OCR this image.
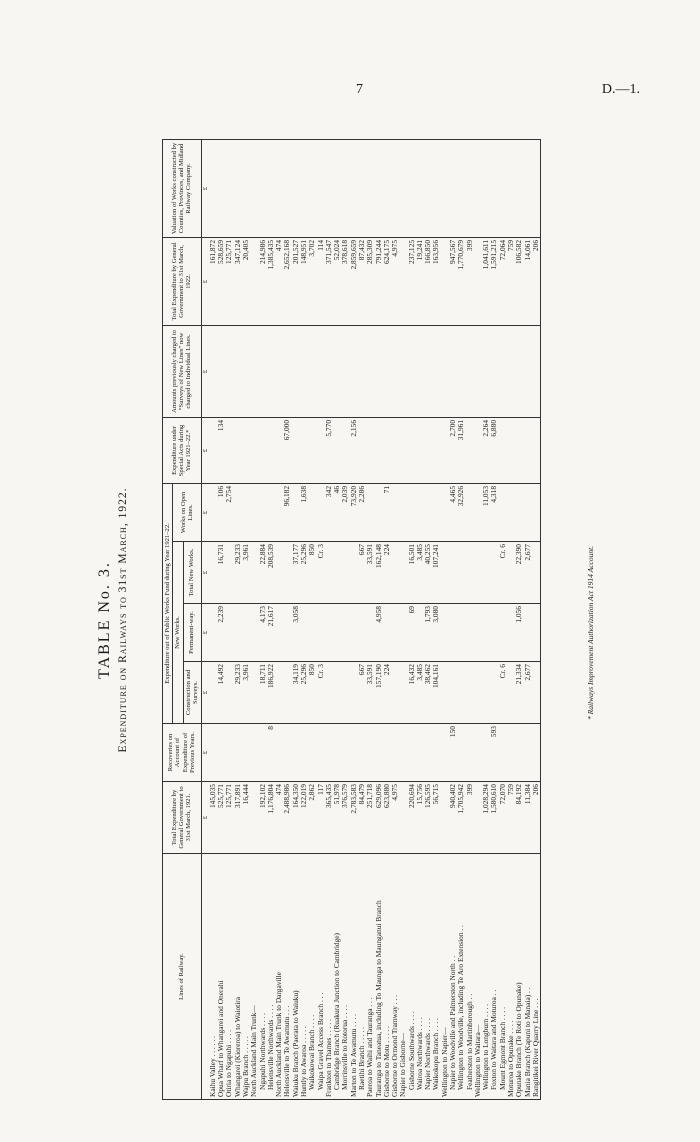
7	D.—1.
TABLE No. 3. Expenditure on Railways to 31st March, 1922.
Lines of Railway.	Total Expenditure by General Government to 31st March, 1921.	Recoveries on Account of Expenditure of Previous Years.	Expenditure out of Public Works Fund during Year 1921–22.				Expenditure under Special Acts during Year 1921–22.*	Amounts previously charged to “Surveys of New Lines” now charged to Individual Lines.	Total Expenditure by General Government to 31st March, 1922.	Valuation of Works constructed by Counties, Provinces, and Midland Railway Company.
			New Works.			Works on Open Lines.				
			Construction and Surveys.	Permanent-way.	Total New Works.					
	£	£	£	£	£	£	£	£	£	£
Kaihu Valley . . . . . .	145,035								161,872	
Opua Wharf to Whangarei and Onerahi	525,771		14,492	2,239	16,731	106	134		528,659	
Otiria to Ngapuhi . . . .	125,771					2,754			125,771	
Whangarei (Kioreroa) to Waiotira	317,891		29,233		29,233				347,124	
Wajpu Branch . . . . .	16,444		3,961		3,961				20,405	
North Auckland Main Trunk—										
Ngapuhi Northwards . . . .	192,102		18,711	4,173	22,884				214,986	
Helensville Northwards . . . .	1,176,804	8	186,922	21,617	208,539				1,385,435	
North Auckland Main Trunk to Dargaville	474								474	
Helensville to Te Awamutu . . .	2,488,986					96,182	67,000		2,652,168	
Waiuku Branch (Paerata to Waiuku)	164,350		34,119	3,058	37,177				201,527	
Huntly to Awaroa . . . . .	122,019		25,296		25,296	1,638			148,951	
Waikokowai Branch . . . .	2,862		850		850				3,702	
Waipa Gravel Access Branch . . .	117		Cr. 3		Cr. 3				114	
Frankton to Thames . . . . .	365,435					342	5,770		371,547	
Cambridge Branch (Ruakura Junction to Cambridge)	51,978					46			52,024	
Morrinsville to Rotorua . . . .	376,579					2,039			378,618	
Marton to Te Awamutu . . . .	2,783,583					73,920	2,156		2,859,659	
Raetihi Branch . . . . .	84,479		667		667	2,286			87,432	
Paeroa to Waihi and Tauranga . . .	251,718		33,591		33,591				285,309	
Tauranga to Taneatua, including To Maunga to Maunganui Branch	629,096		157,190	4,958	162,148				791,244	
Gisborne to Motu . . . . .	623,880		224		224	71			624,175	
Gisborne to Ormond Tramway . . .	4,975								4,975	
Napier to Gisborne—										
Gisborne Southwards . . . .	220,694		16,432	69	16,501				237,125	
Wairoa Northwards . . . .	15,756		3,485		3,485				19,241	
Napier Northwards . . . .	126,595		38,462	1,793	40,255				166,850	
Waikokopu Branch . . . .	56,715		104,161	3,080	107,241				163,956	
Wellington to Napier—										
Napier to Woodville and Palmerston North . .	940,402	150				4,465	2,700		947,567	
Wellington to Woodville, including Te Aro Extension . .	1,705,942					32,926	31,961		1,770,679	
Featherston to Martinborough . .	399								399	
Wellington to Waitara—										
Wellington to Longburn . . . .	1,028,294					11,053	2,264		1,041,611	
Foxton to Waitara and Moturoa . .	1,580,610	593				4,318	6,880		1,591,215	
Mount Egmont Branch . . . .	72,070		Cr. 6		Cr. 6				72,064	
Moturoa to Opunake . . . .	759								759	
Opunake Branch (Te Roti to Opunake)	84,192		21,334	1,056	22,390				106,582	
Mania Branch (Kapuni to Manaia) . .	11,384		2,677		2,677				14,061	
Rangitikei River Quarry Line . . .	206								206	
* Railways Improvement Authorization Act 1914 Account.
